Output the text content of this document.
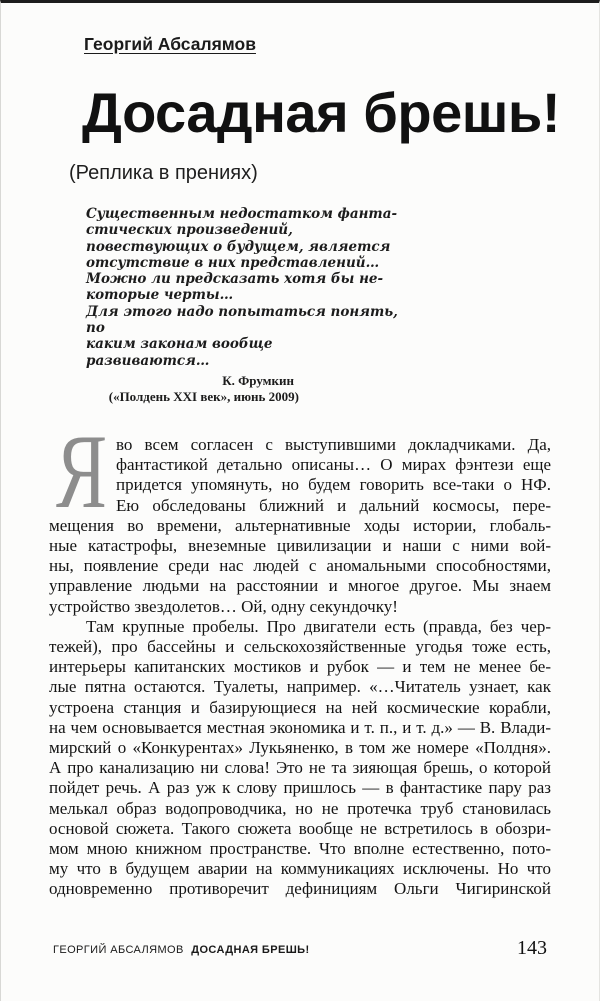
Георгий Абсалямов
Досадная брешь!
(Реплика в прениях)
Существенным недостатком фанта-
стических произведений,
повествующих о будущем, является
отсутствие в них представлений…
Можно ли предсказать хотя бы не-
которые черты…
Для этого надо попытаться понять, по
каким законам вообще развиваются…
К. Фрумкин
(«Полдень XXI век», июнь 2009)
Я во всем согласен с выступившими докладчиками. Да,
фантастикой детально описаны… О мирах фэнтези еще
придется упомянуть, но будем говорить все-таки о НФ.
Ею обследованы ближний и дальний космосы, пере-
мещения во времени, альтернативные ходы истории, глобаль-
ные катастрофы, внеземные цивилизации и наши с ними вой-
ны, появление среди нас людей с аномальными способностями,
управление людьми на расстоянии и многое другое. Мы знаем
устройство звездолетов… Ой, одну секундочку!
Там крупные пробелы. Про двигатели есть (правда, без чер-
тежей), про бассейны и сельскохозяйственные угодья тоже есть,
интерьеры капитанских мостиков и рубок — и тем не менее бе-
лые пятна остаются. Туалеты, например. «…Читатель узнает, как
устроена станция и базирующиеся на ней космические корабли,
на чем основывается местная экономика и т. п., и т. д.» — В. Влади-
мирский о «Конкурентах» Лукьяненко, в том же номере «Полдня».
А про канализацию ни слова! Это не та зияющая брешь, о которой
пойдет речь. А раз уж к слову пришлось — в фантастике пару раз
мелькал образ водопроводчика, но не протечка труб становилась
основой сюжета. Такого сюжета вообще не встретилось в обозри-
мом мною книжном пространстве. Что вполне естественно, пото-
му что в будущем аварии на коммуникациях исключены. Но что
одновременно противоречит дефинициям Ольги Чигиринской
ГЕОРГИЙ АБСАЛЯМОВ ДОСАДНАЯ БРЕШЬ!	143
